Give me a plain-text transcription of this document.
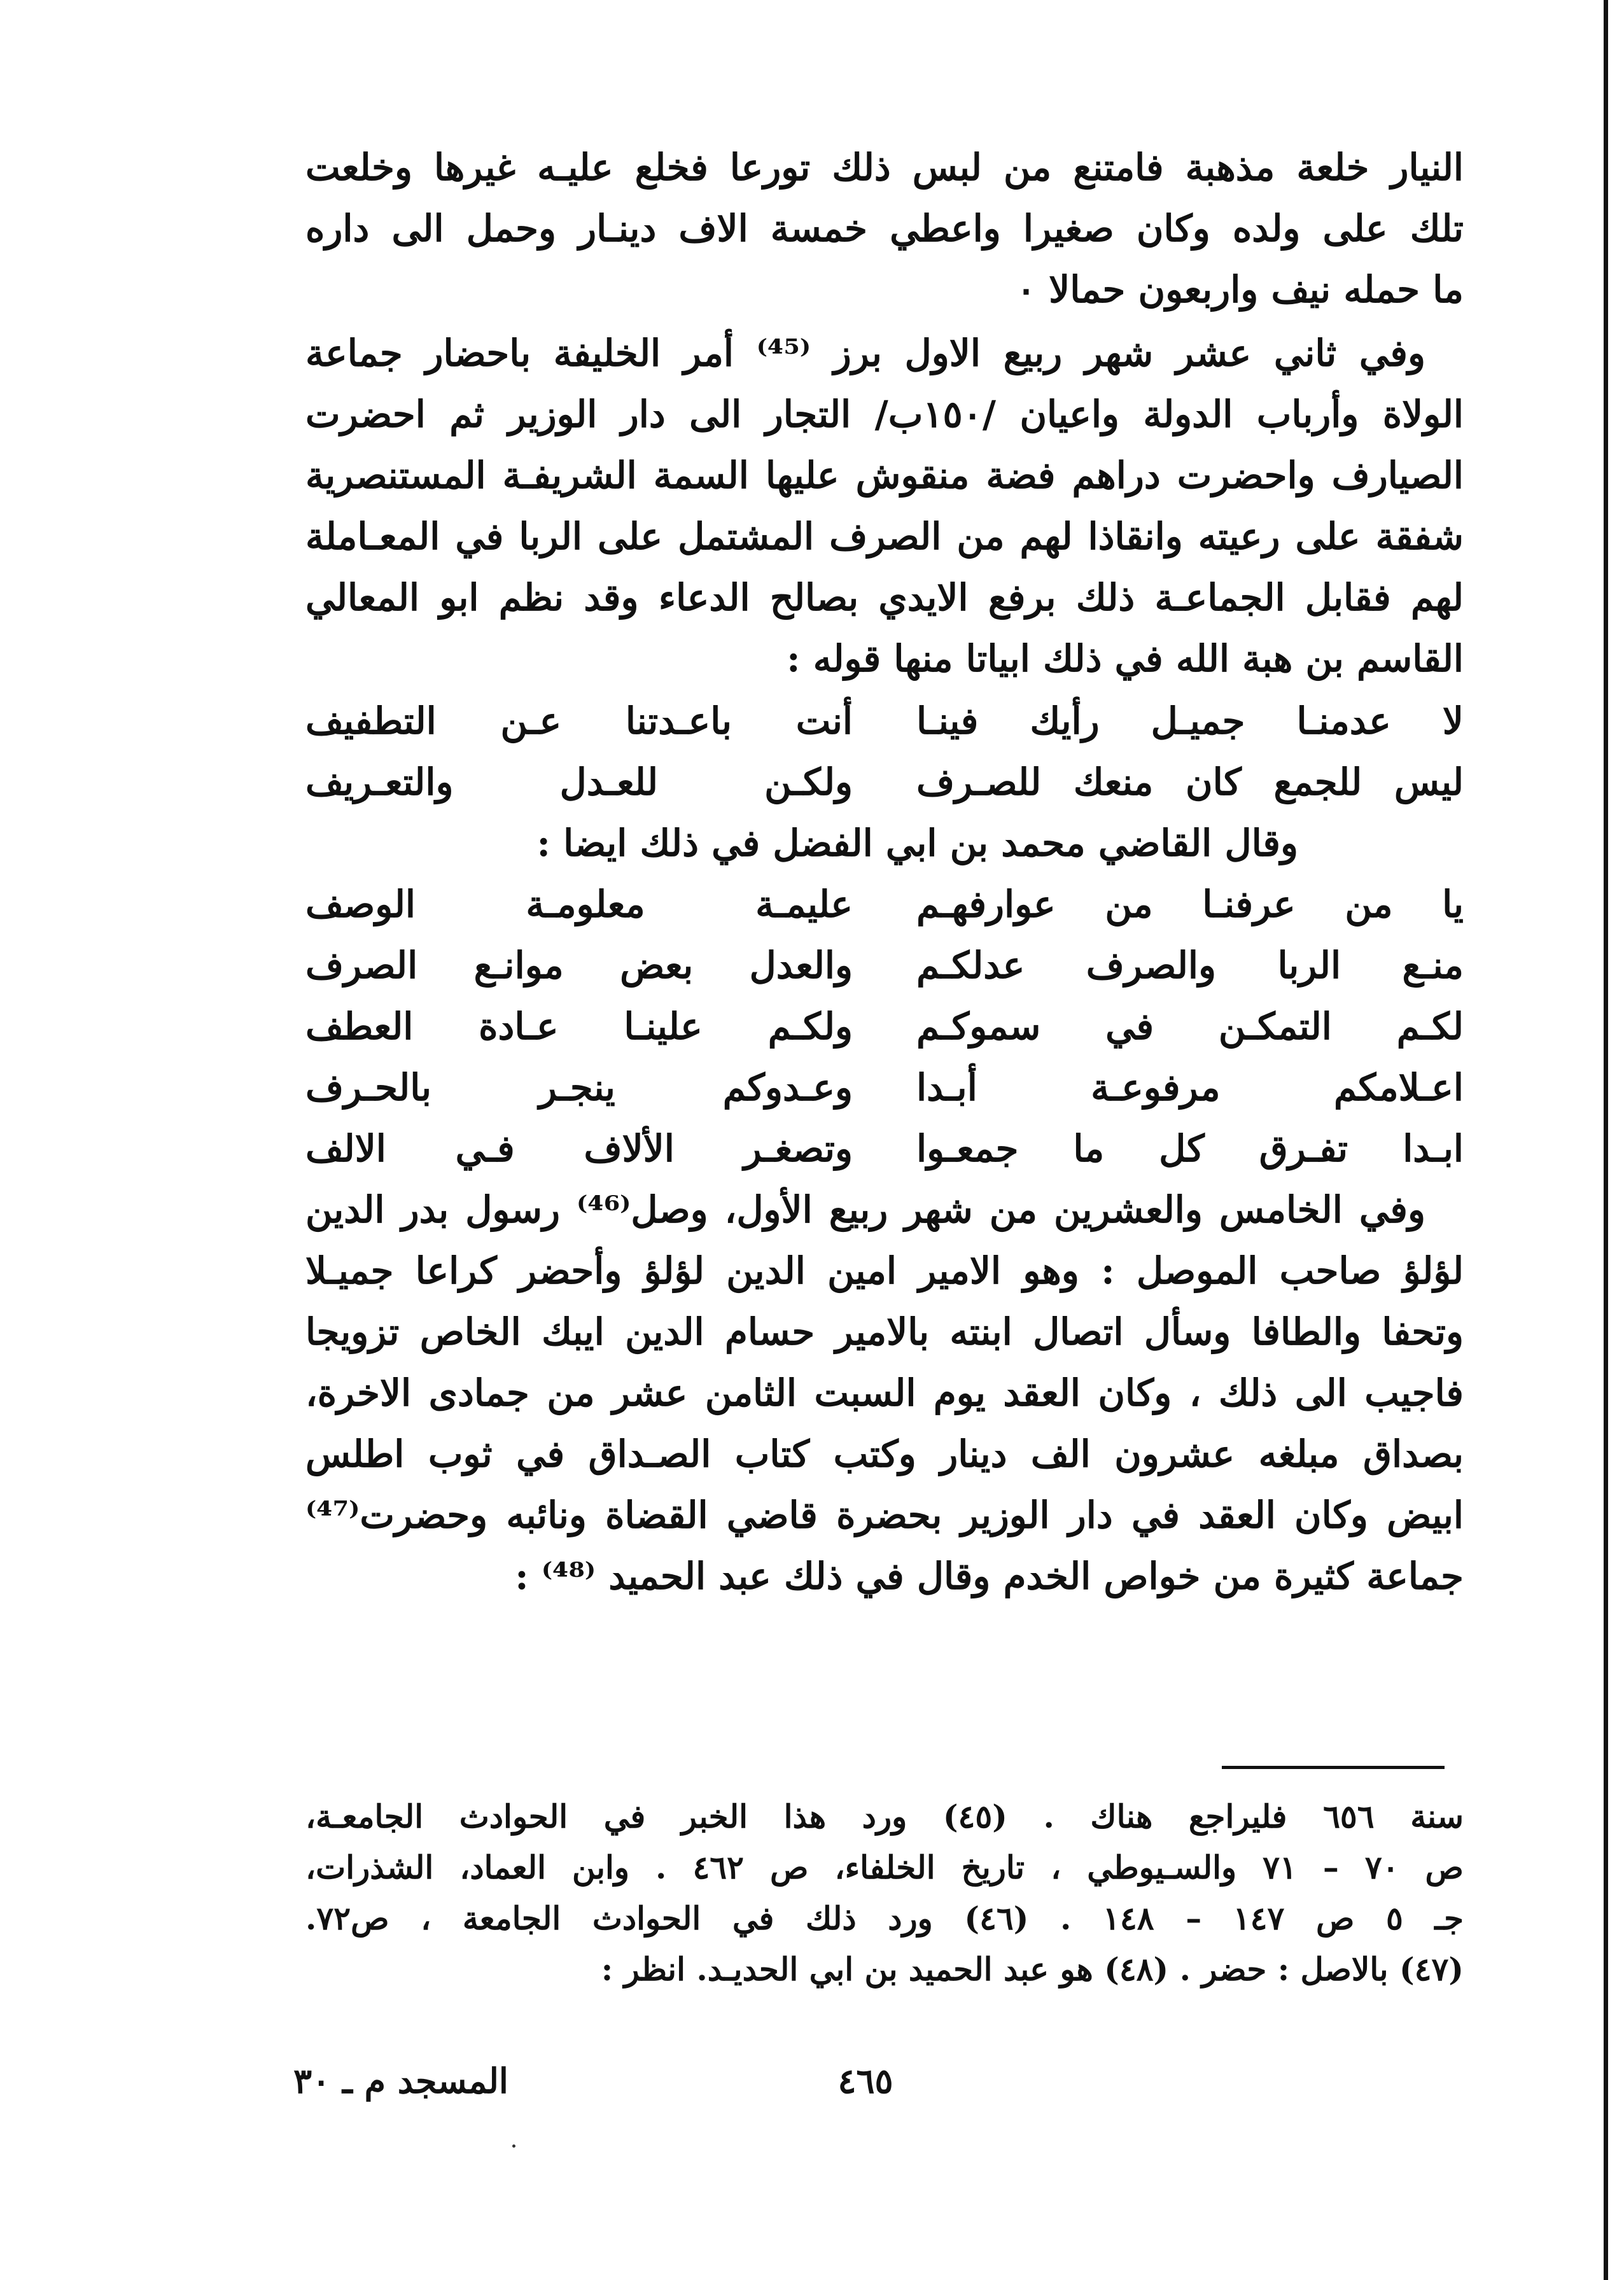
النيار خلعة مذهبة فامتنع من لبس ذلك تورعا فخلع عليـه غيرها وخلعت
تلك على ولده وكان صغيرا واعطي خمسة الاف دينـار وحمل الى داره
ما حمله نيف واربعون حمالا ٠
وفي ثاني عشر شهر ربيع الاول برز ⁽⁴⁵⁾ أمر الخليفة باحضار جماعة
الولاة وأرباب الدولة واعيان /١٥٠ب/ التجار الى دار الوزير ثم احضرت
الصيارف واحضرت دراهم فضة منقوش عليها السمة الشريفـة المستنصرية
شفقة على رعيته وانقاذا لهم من الصرف المشتمل على الربا في المعـاملة
لهم فقابل الجماعـة ذلك برفع الايدي بصالح الدعاء وقد نظم ابو المعالي
القاسم بن هبة الله في ذلك ابياتا منها قوله :
لا عدمنـا جميـل رأيك فينـا
أنت باعـدتنا عـن التطفيف
ليس للجمع كان منعك للصـرف
ولكـن للعـدل والتعـريف
وقال القاضي محمد بن ابي الفضل في ذلك ايضا :
يا من عرفنـا من عوارفهـم
عليمـة معلومـة الوصف
منـع الربا والصرف عدلكـم
والعدل بعض موانـع الصرف
لكـم التمكـن في سموكـم
ولكـم علينـا عـادة العطف
اعـلامكم مرفوعـة أبـدا
وعـدوكم ينجـر بالحـرف
ابـدا تفـرق كل ما جمعـوا
وتصغـر الألاف فـي الالف
وفي الخامس والعشرين من شهر ربيع الأول، وصل⁽⁴⁶⁾ رسول بدر الدين
لؤلؤ صاحب الموصل : وهو الامير امين الدين لؤلؤ وأحضر كراعا جميـلا
وتحفا والطافا وسأل اتصال ابنته بالامير حسام الدين ايبك الخاص تزويجا
فاجيب الى ذلك ، وكان العقد يوم السبت الثامن عشر من جمادى الاخرة،
بصداق مبلغه عشرون الف دينار وكتب كتاب الصـداق في ثوب اطلس
ابيض وكان العقد في دار الوزير بحضرة قاضي القضاة ونائبه وحضرت⁽⁴⁷⁾
جماعة كثيرة من خواص الخدم وقال في ذلك عبد الحميد ⁽⁴⁸⁾ :
سنة ٦٥٦ فليراجع هناك . (٤٥) ورد هذا الخبر في الحوادث الجامعـة،
ص ٧٠ – ٧١ والسـيوطي ، تاريخ الخلفاء، ص ٤٦٢ . وابن العماد، الشذرات،
جـ ٥ ص ١٤٧ – ١٤٨ . (٤٦) ورد ذلك في الحوادث الجامعة ، ص٧٢.
(٤٧) بالاصل : حضر . (٤٨) هو عبد الحميد بن ابي الحديـد. انظر :
٤٦٥
المسجد م ـ ٣٠
